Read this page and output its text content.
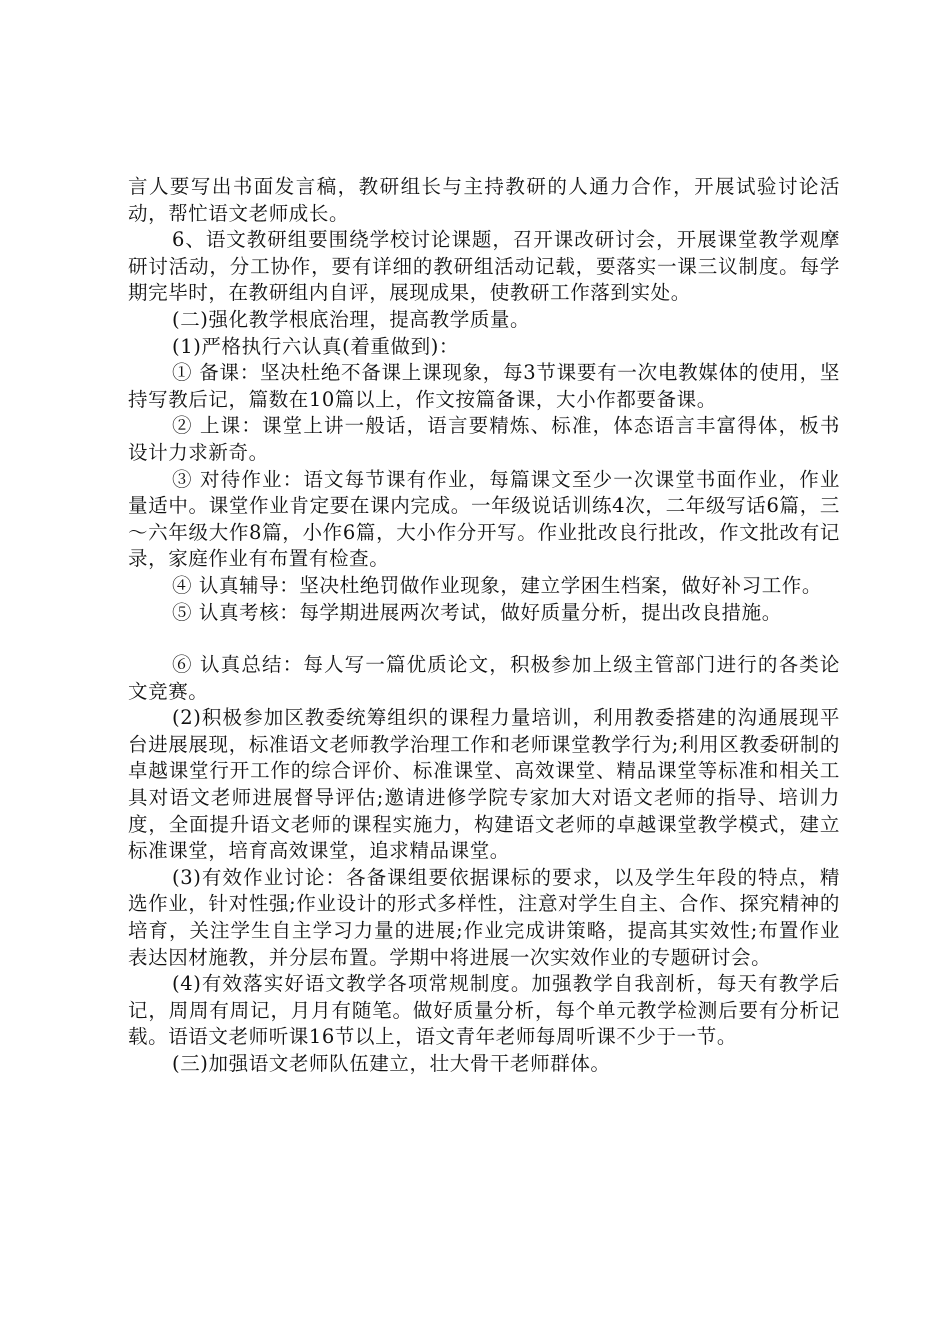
言人要写出书面发言稿，教研组长与主持教研的人通力合作，开展试验讨论活动，帮忙语文老师成长。

6、语文教研组要围绕学校讨论课题，召开课改研讨会，开展课堂教学观摩研讨活动，分工协作，要有详细的教研组活动记载，要落实一课三议制度。每学期完毕时，在教研组内自评，展现成果，使教研工作落到实处。

(二)强化教学根底治理，提高教学质量。

(1)严格执行六认真(着重做到)：

① 备课：坚决杜绝不备课上课现象，每3节课要有一次电教媒体的使用，坚持写教后记，篇数在10篇以上，作文按篇备课，大小作都要备课。

② 上课：课堂上讲一般话，语言要精炼、标准，体态语言丰富得体，板书设计力求新奇。

③ 对待作业：语文每节课有作业，每篇课文至少一次课堂书面作业，作业量适中。课堂作业肯定要在课内完成。一年级说话训练4次，二年级写话6篇，三～六年级大作8篇，小作6篇，大小作分开写。作业批改良行批改，作文批改有记录，家庭作业有布置有检查。

④ 认真辅导：坚决杜绝罚做作业现象，建立学困生档案，做好补习工作。

⑤ 认真考核：每学期进展两次考试，做好质量分析，提出改良措施。

⑥ 认真总结：每人写一篇优质论文，积极参加上级主管部门进行的各类论文竞赛。

(2)积极参加区教委统筹组织的课程力量培训，利用教委搭建的沟通展现平台进展展现，标准语文老师教学治理工作和老师课堂教学行为;利用区教委研制的卓越课堂行开工作的综合评价、标准课堂、高效课堂、精品课堂等标准和相关工具对语文老师进展督导评估;邀请进修学院专家加大对语文老师的指导、培训力度，全面提升语文老师的课程实施力，构建语文老师的卓越课堂教学模式，建立标准课堂，培育高效课堂，追求精品课堂。

(3)有效作业讨论：各备课组要依据课标的要求，以及学生年段的特点，精选作业，针对性强;作业设计的形式多样性，注意对学生自主、合作、探究精神的培育，关注学生自主学习力量的进展;作业完成讲策略，提高其实效性;布置作业表达因材施教，并分层布置。学期中将进展一次实效作业的专题研讨会。

(4)有效落实好语文教学各项常规制度。加强教学自我剖析，每天有教学后记，周周有周记，月月有随笔。做好质量分析，每个单元教学检测后要有分析记载。语语文老师听课16节以上，语文青年老师每周听课不少于一节。

(三)加强语文老师队伍建立，壮大骨干老师群体。
